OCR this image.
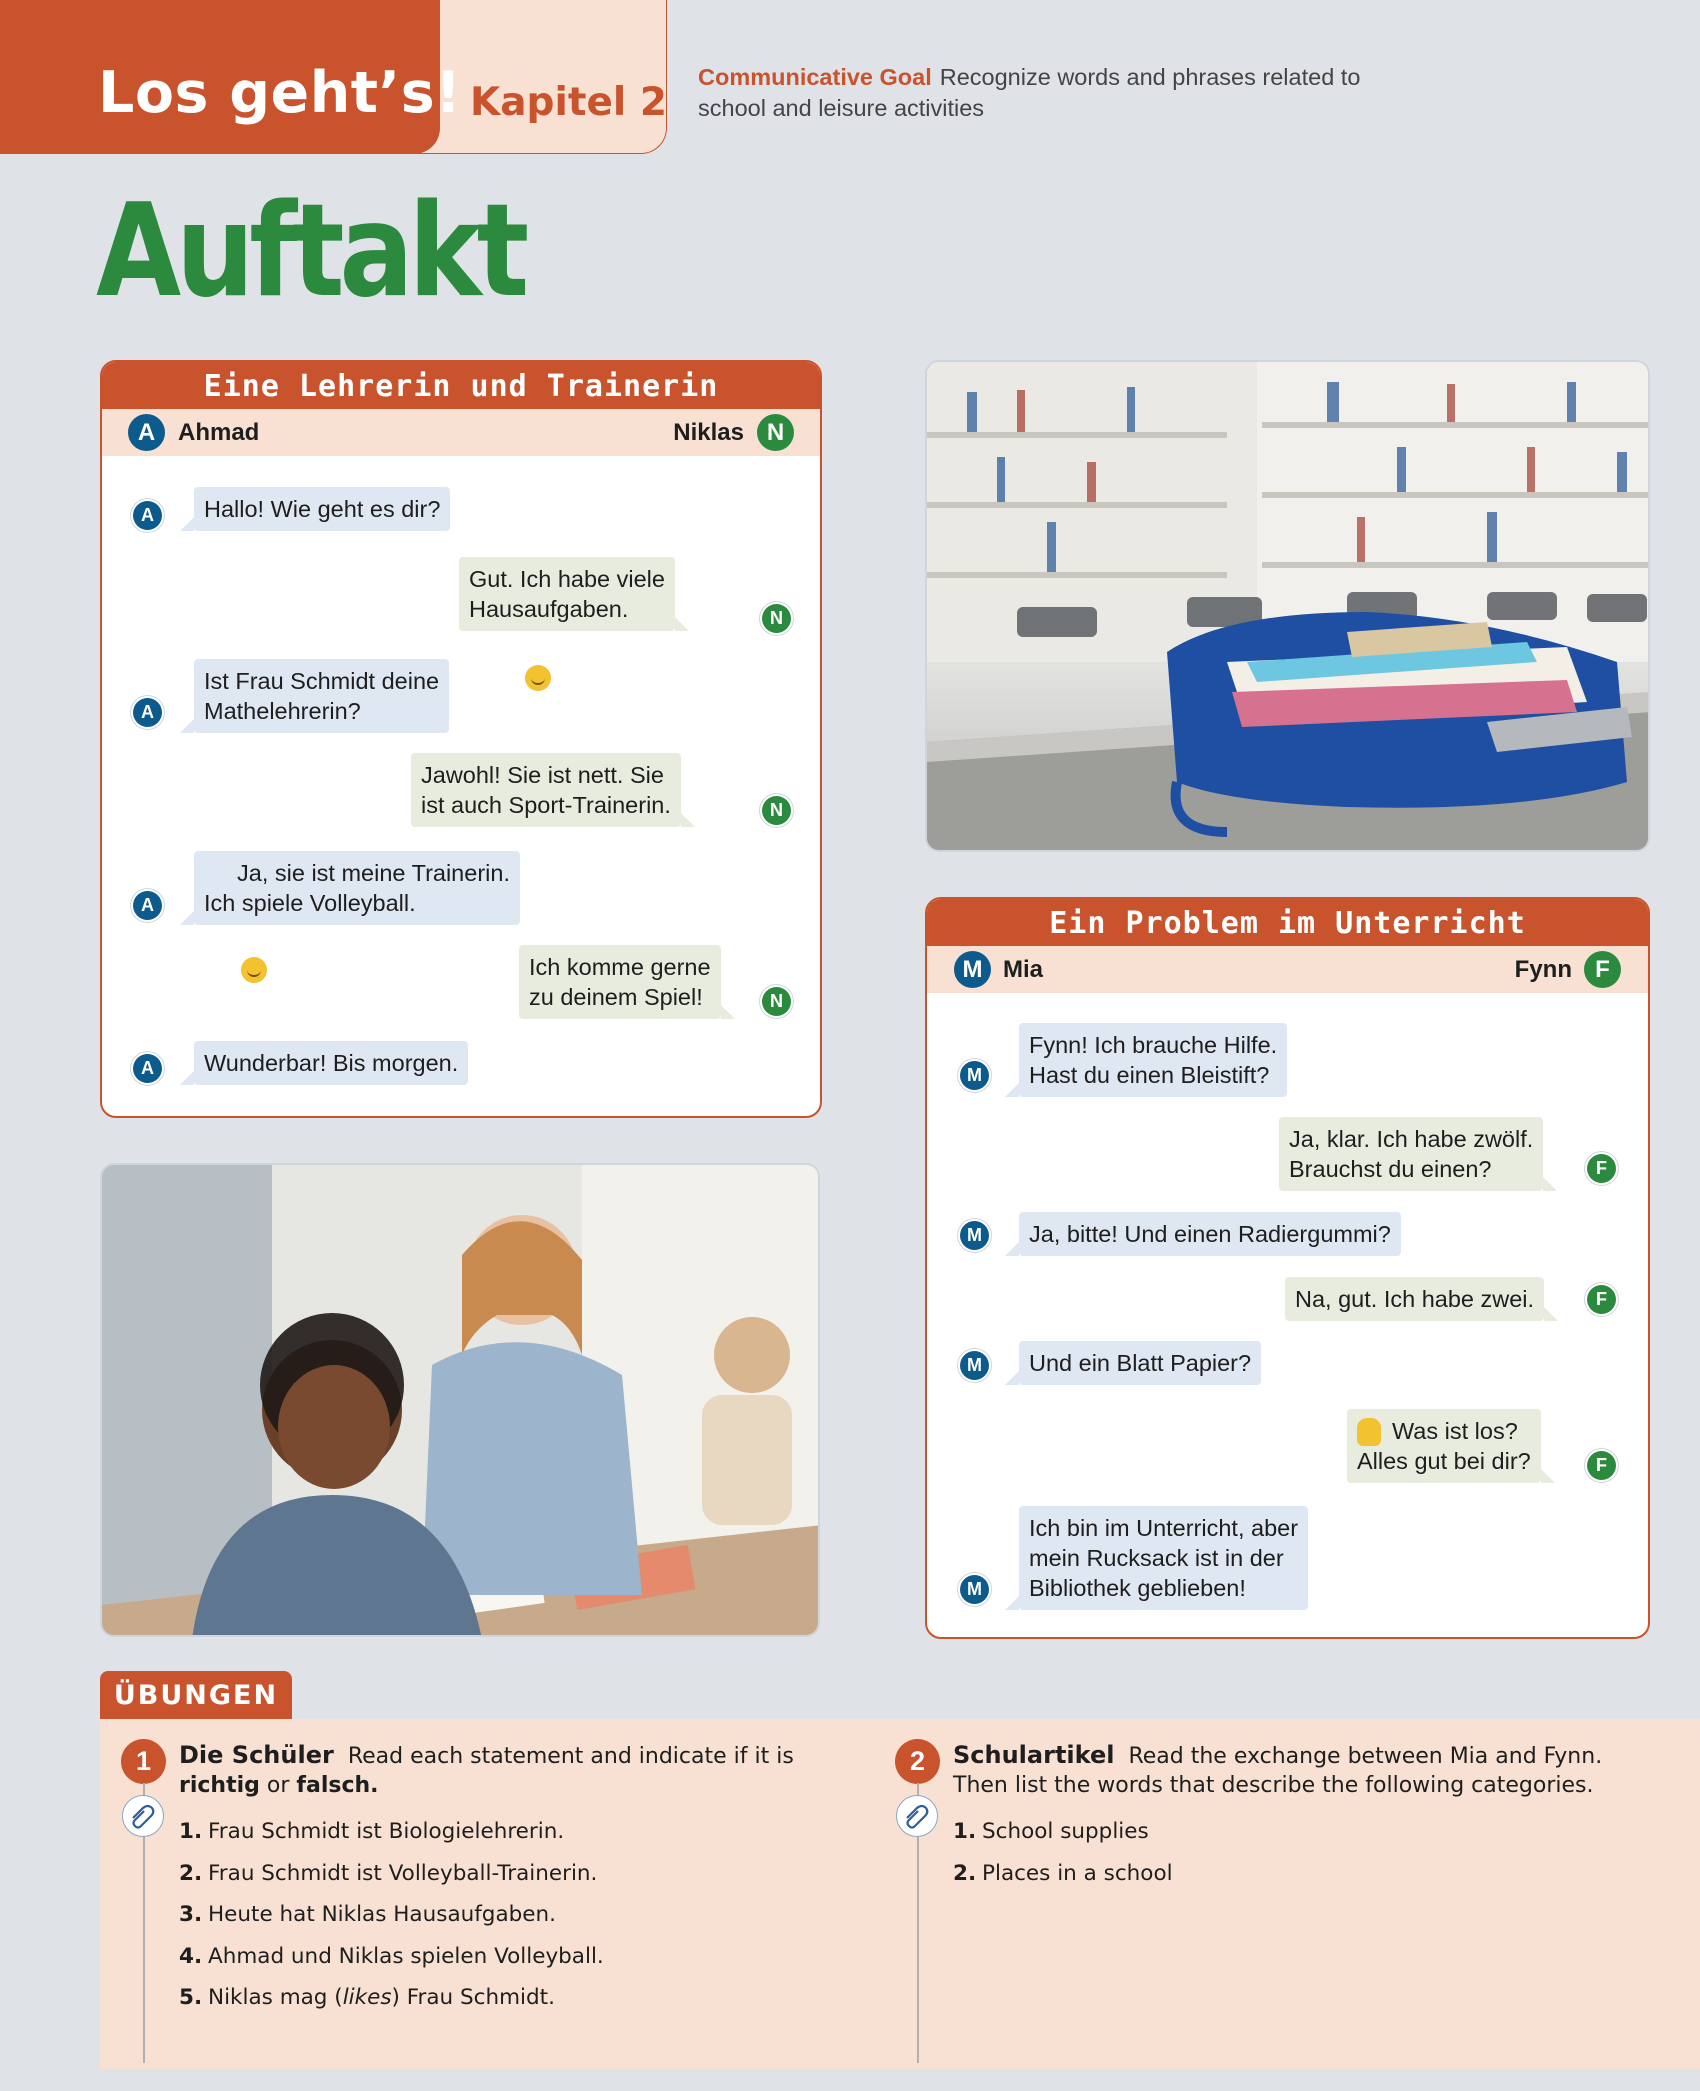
Los geht’s! Kapitel 2
Communicative Goal Recognize words and phrases related to school and leisure activities
Auftakt
Eine Lehrerin und Trainerin
A Ahmad	Niklas N
A	Hallo! Wie geht es dir?
Gut. Ich habe viele
Hausaufgaben.
	N
A
Ist Frau Schmidt deine
Mathelehrerin?
Jawohl! Sie ist nett. Sie
ist auch Sport-Trainerin.	N
A
Ja, sie ist meine Trainerin.
Ich spiele Volleyball.
Ich komme gerne
zu deinem Spiel!	N
A	Wunderbar! Bis morgen.
Ein Problem im Unterricht
M Mia	Fynn F
M
Fynn! Ich brauche Hilfe.
Hast du einen Bleistift?
Ja, klar. Ich habe zwölf.
Brauchst du einen?	F
M Ja, bitte! Und einen Radiergummi?
Na, gut. Ich habe zwei.	F
M Und ein Blatt Papier?
Was ist los?
Alles gut bei dir?	F
M
Ich bin im Unterricht, aber
mein Rucksack ist in der
Bibliothek geblieben!
ÜBUNGEN
1	Die Schüler Read each statement and indicate if it is richtig or falsch.
1. Frau Schmidt ist Biologielehrerin.
2. Frau Schmidt ist Volleyball-Trainerin.
3. Heute hat Niklas Hausaufgaben.
4. Ahmad und Niklas spielen Volleyball.
5. Niklas mag (likes) Frau Schmidt.
2	Schulartikel Read the exchange between Mia and Fynn.
Then list the words that describe the following categories.
1. School supplies
2. Places in a school
